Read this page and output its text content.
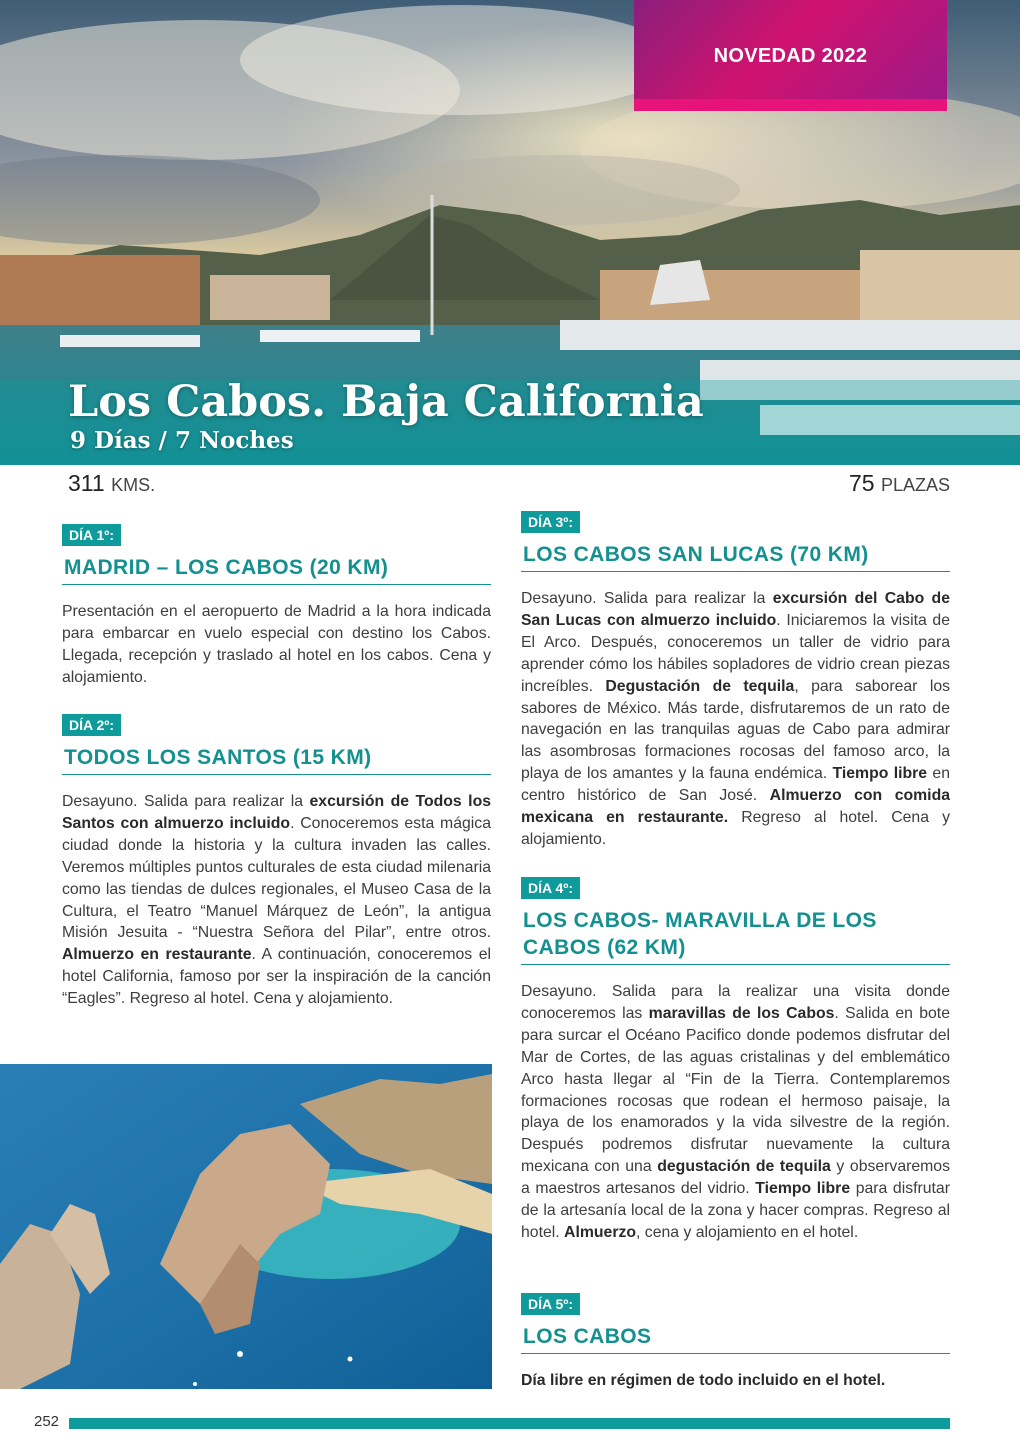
NOVEDAD 2022
Los Cabos. Baja California
9 Días / 7 Noches
311 KMS.	75 PLAZAS
DÍA 1º:
MADRID – LOS CABOS (20 KM)
Presentación en el aeropuerto de Madrid a la hora indicada para embarcar en vuelo especial con destino los Cabos. Llegada, recepción y traslado al hotel en los cabos. Cena y alojamiento.
DÍA 2º:
TODOS LOS SANTOS (15 KM)
Desayuno. Salida para realizar la excursión de Todos los Santos con almuerzo incluido. Conoceremos esta mágica ciudad donde la historia y la cultura invaden las calles. Veremos múltiples puntos culturales de esta ciudad milenaria como las tiendas de dulces regionales, el Museo Casa de la Cultura, el Teatro “Manuel Márquez de León”, la antigua Misión Jesuita - “Nuestra Señora del Pilar”, entre otros. Almuerzo en restaurante. A continuación, conoceremos el hotel California, famoso por ser la inspiración de la canción “Eagles”. Regreso al hotel. Cena y alojamiento.
DÍA 3º:
LOS CABOS SAN LUCAS (70 KM)
Desayuno. Salida para realizar la excursión del Cabo de San Lucas con almuerzo incluido. Iniciaremos la visita de El Arco. Después, conoceremos un taller de vidrio para aprender cómo los hábiles sopladores de vidrio crean piezas increíbles. Degustación de tequila, para saborear los sabores de México. Más tarde, disfrutaremos de un rato de navegación en las tranquilas aguas de Cabo para admirar las asombrosas formaciones rocosas del famoso arco, la playa de los amantes y la fauna endémica. Tiempo libre en centro histórico de San José. Almuerzo con comida mexicana en restaurante. Regreso al hotel. Cena y alojamiento.
DÍA 4º:
LOS CABOS- MARAVILLA DE LOS CABOS (62 KM)
Desayuno. Salida para la realizar una visita donde conoceremos las maravillas de los Cabos. Salida en bote para surcar el Océano Pacifico donde podemos disfrutar del Mar de Cortes, de las aguas cristalinas y del emblemático Arco hasta llegar al “Fin de la Tierra. Contemplaremos formaciones rocosas que rodean el hermoso paisaje, la playa de los enamorados y la vida silvestre de la región. Después podremos disfrutar nuevamente la cultura mexicana con una degustación de tequila y observaremos a maestros artesanos del vidrio. Tiempo libre para disfrutar de la artesanía local de la zona y hacer compras. Regreso al hotel. Almuerzo, cena y alojamiento en el hotel.
DÍA 5º:
LOS CABOS
Día libre en régimen de todo incluido en el hotel.
252
